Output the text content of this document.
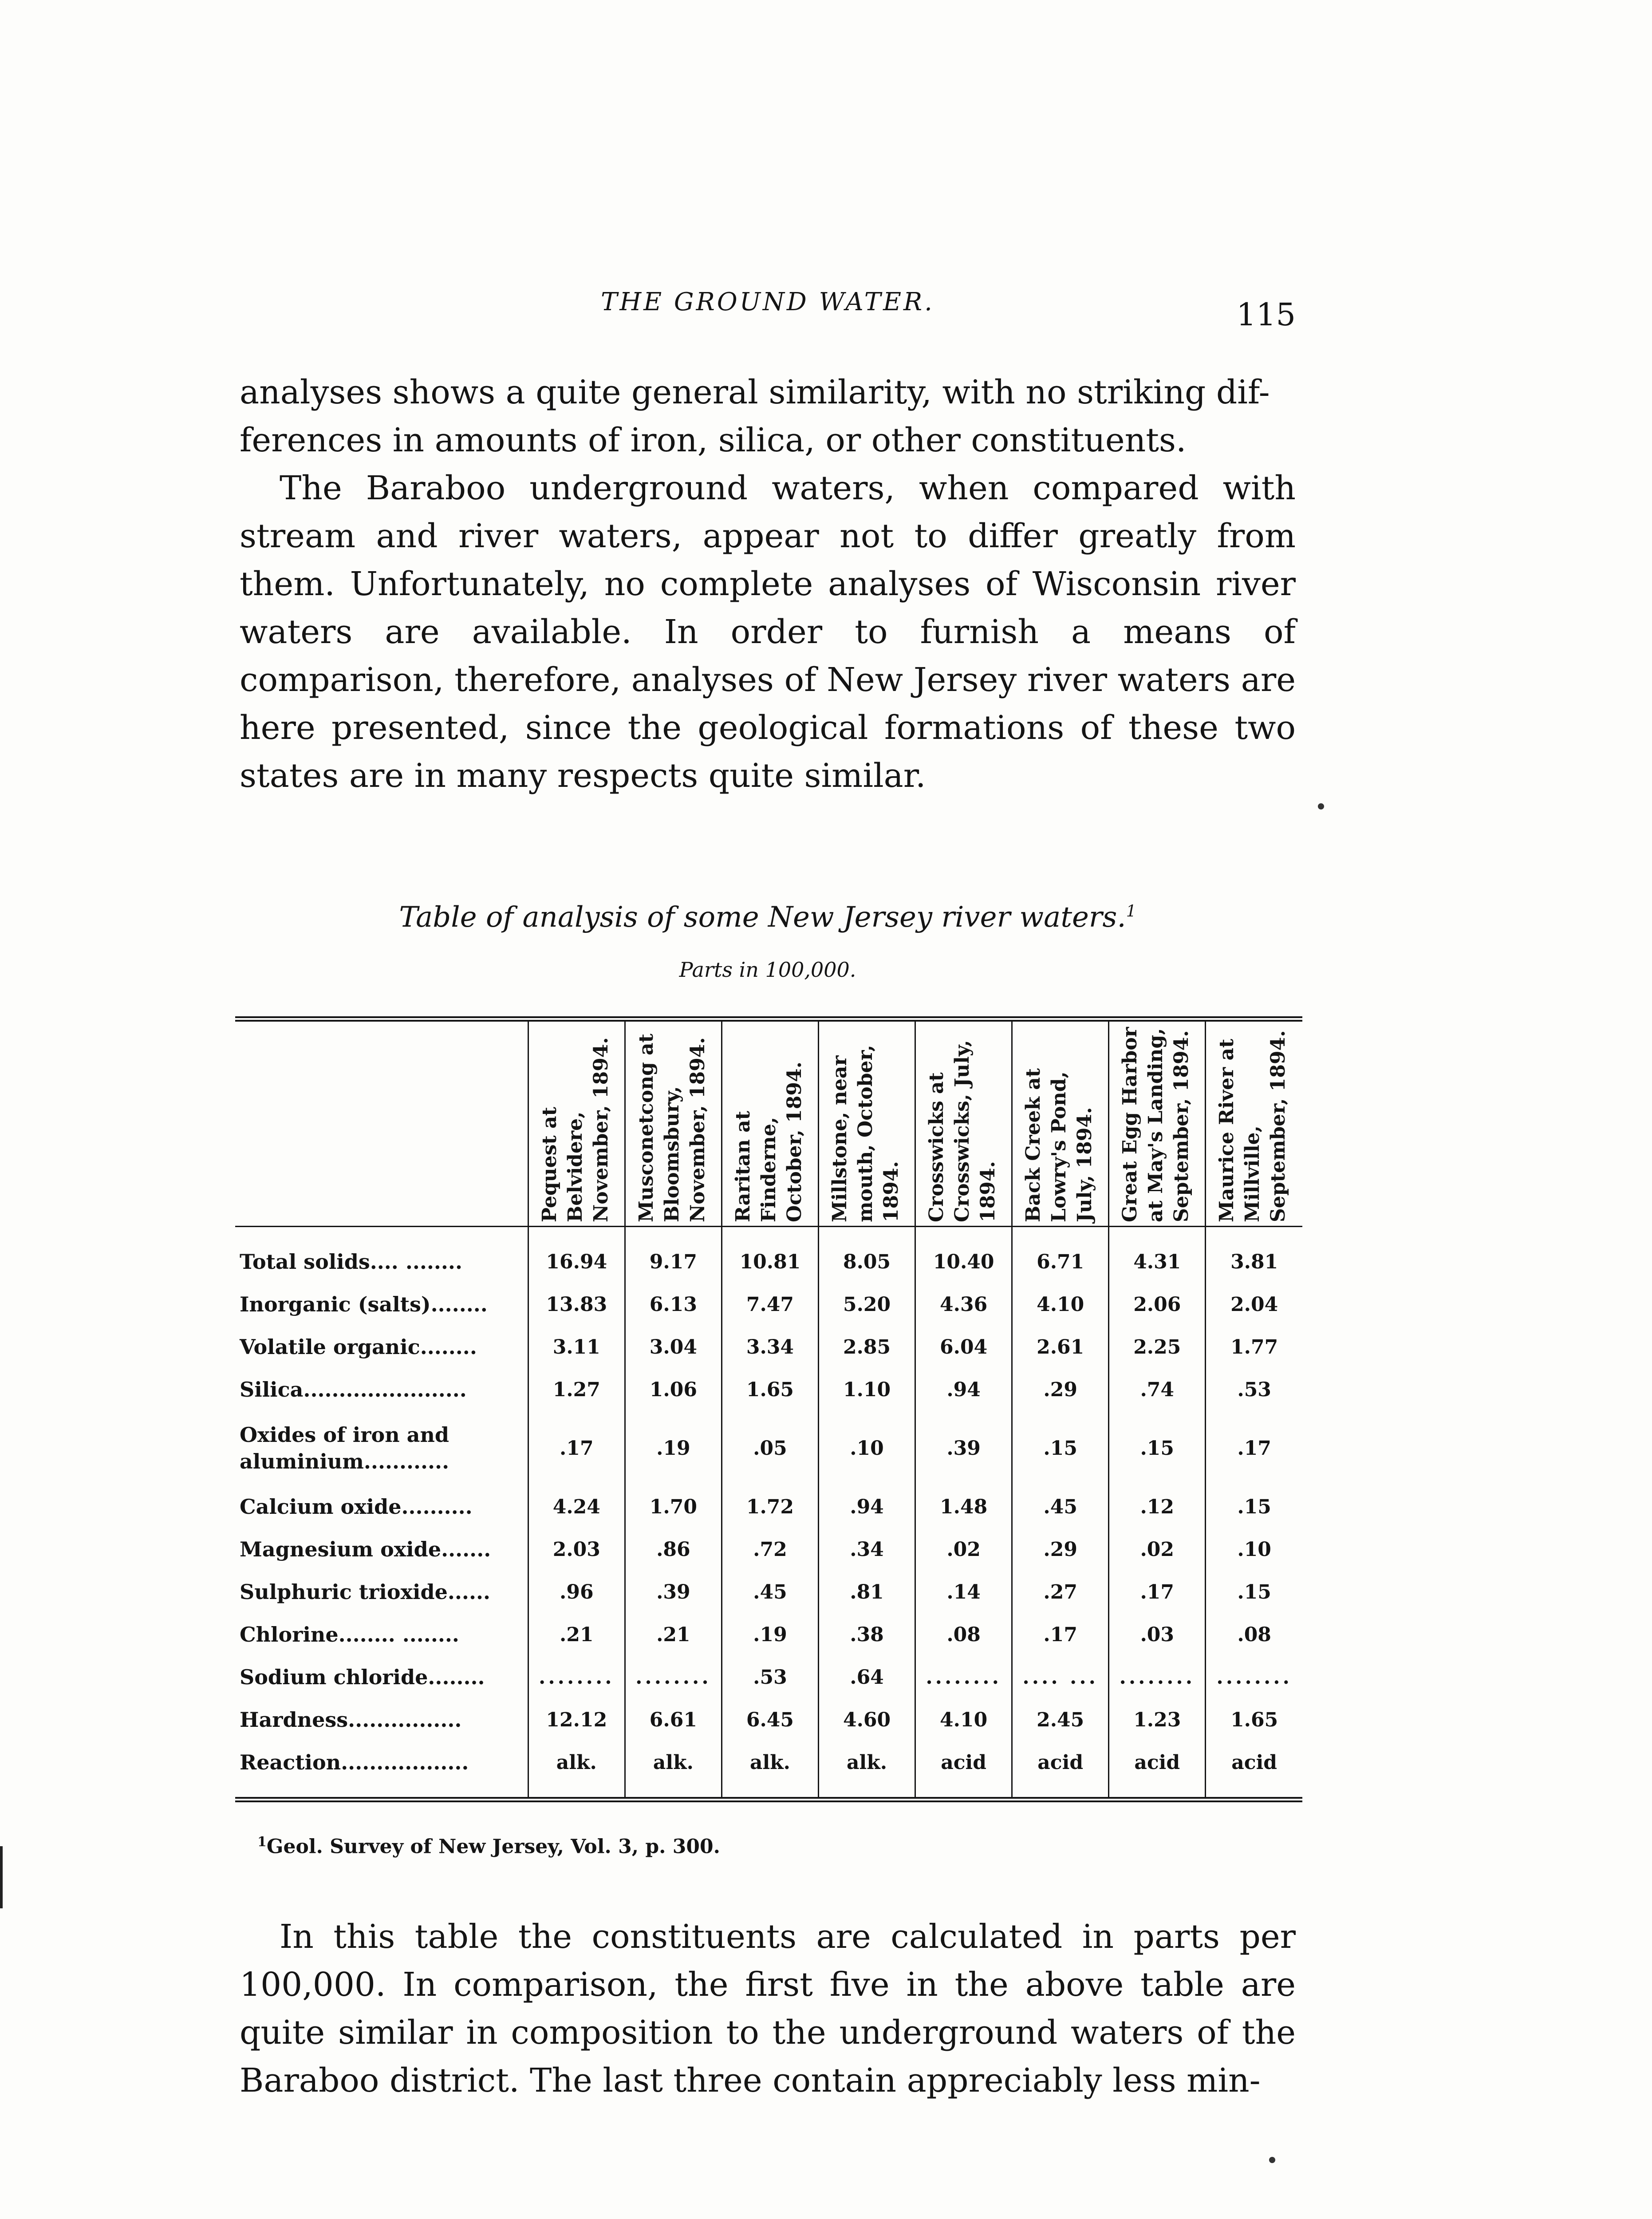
THE GROUND WATER.	115

analyses shows a quite general similarity, with no striking dif-
ferences in amounts of iron, silica, or other constituents.

The Baraboo underground waters, when compared with stream and river waters, appear not to differ greatly from them. Unfortunately, no complete analyses of Wisconsin river waters are available. In order to furnish a means of comparison, therefore, analyses of New Jersey river waters are here presented, since the geological formations of these two states are in many respects quite similar.

Table of analysis of some New Jersey river waters.$^1$
Parts in 100,000.

	Pequest at Belvidere, November, 1894.	Musconetcong at Bloomsbury, November, 1894.	Raritan at Finderne, October, 1894.	Millstone, near mouth, October, 1894.	Crosswicks at Crosswicks, July, 1894.	Back Creek at Lowry's Pond, July, 1894.	Great Egg Harbor at May's Landing, September, 1894.	Maurice River at Millville, September, 1894.

Total solids.... ........	16.94	9.17	10.81	8.05	10.40	6.71	4.31	3.81
Inorganic (salts)........	13.83	6.13	7.47	5.20	4.36	4.10	2.06	2.04
Volatile organic........	3.11	3.04	3.34	2.85	6.04	2.61	2.25	1.77
Silica.......................	1.27	1.06	1.65	1.10	.94	.29	.74	.53
Oxides of iron and aluminium............	.17	.19	.05	.10	.39	.15	.15	.17
Calcium oxide..........	4.24	1.70	1.72	.94	1.48	.45	.12	.15
Magnesium oxide.......	2.03	.86	.72	.34	.02	.29	.02	.10
Sulphuric trioxide......	.96	.39	.45	.81	.14	.27	.17	.15
Chlorine........ ........	.21	.21	.19	.38	.08	.17	.03	.08
Sodium chloride........	........	........	.53	.64	........	.... ...	........	........
Hardness................	12.12	6.61	6.45	4.60	4.10	2.45	1.23	1.65
Reaction..................	alk.	alk.	alk.	alk.	acid	acid	acid	acid
$^1$Geol. Survey of New Jersey, Vol. 3, p. 300.

In this table the constituents are calculated in parts per 100,000. In comparison, the first five in the above table are quite similar in composition to the underground waters of the Baraboo district. The last three contain appreciably less min-
